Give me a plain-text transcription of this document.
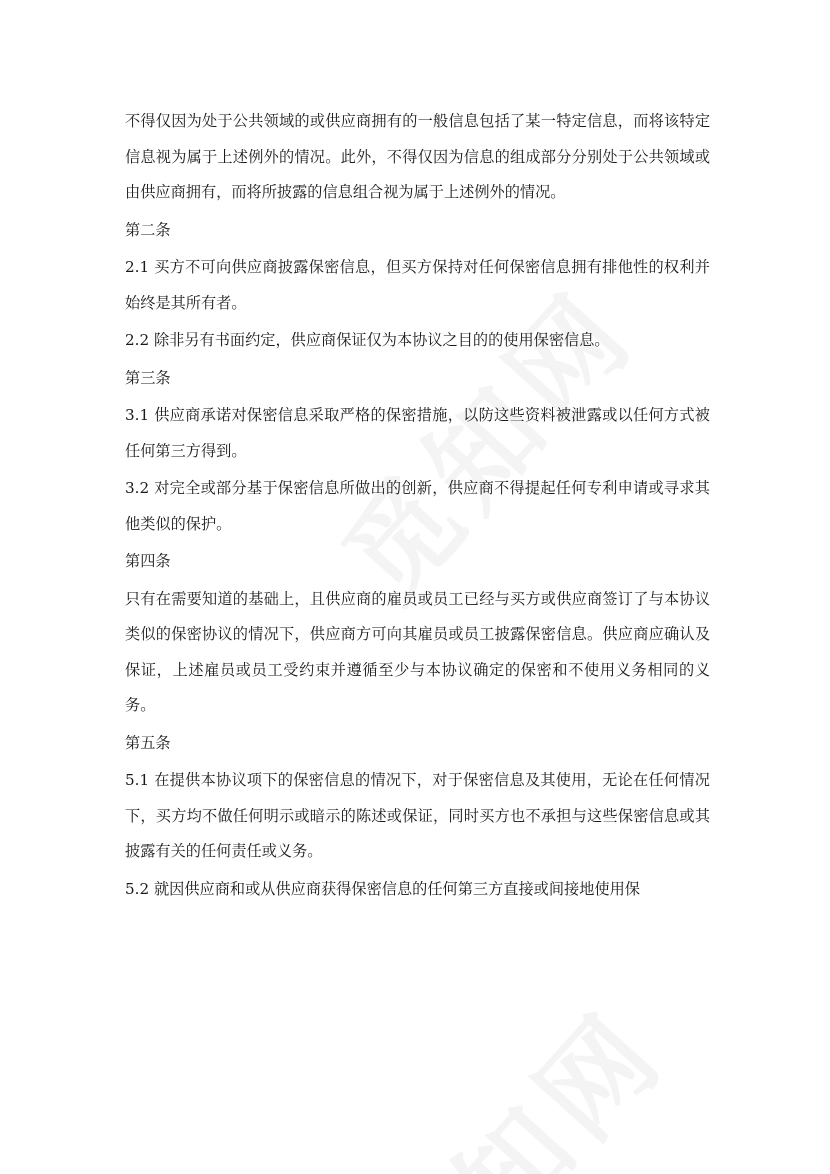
不得仅因为处于公共领域的或供应商拥有的一般信息包括了某一特定信息，而将该特定信息视为属于上述例外的情况。此外，不得仅因为信息的组成部分分别处于公共领域或由供应商拥有，而将所披露的信息组合视为属于上述例外的情况。

第二条

2.1 买方不可向供应商披露保密信息，但买方保持对任何保密信息拥有排他性的权利并始终是其所有者。

2.2 除非另有书面约定，供应商保证仅为本协议之目的的使用保密信息。

第三条

3.1 供应商承诺对保密信息采取严格的保密措施，以防这些资料被泄露或以任何方式被任何第三方得到。

3.2 对完全或部分基于保密信息所做出的创新，供应商不得提起任何专利申请或寻求其他类似的保护。

第四条

只有在需要知道的基础上，且供应商的雇员或员工已经与买方或供应商签订了与本协议类似的保密协议的情况下，供应商方可向其雇员或员工披露保密信息。供应商应确认及保证，上述雇员或员工受约束并遵循至少与本协议确定的保密和不使用义务相同的义务。

第五条

5.1 在提供本协议项下的保密信息的情况下，对于保密信息及其使用，无论在任何情况下，买方均不做任何明示或暗示的陈述或保证，同时买方也不承担与这些保密信息或其披露有关的任何责任或义务。

5.2 就因供应商和或从供应商获得保密信息的任何第三方直接或间接地使用保
